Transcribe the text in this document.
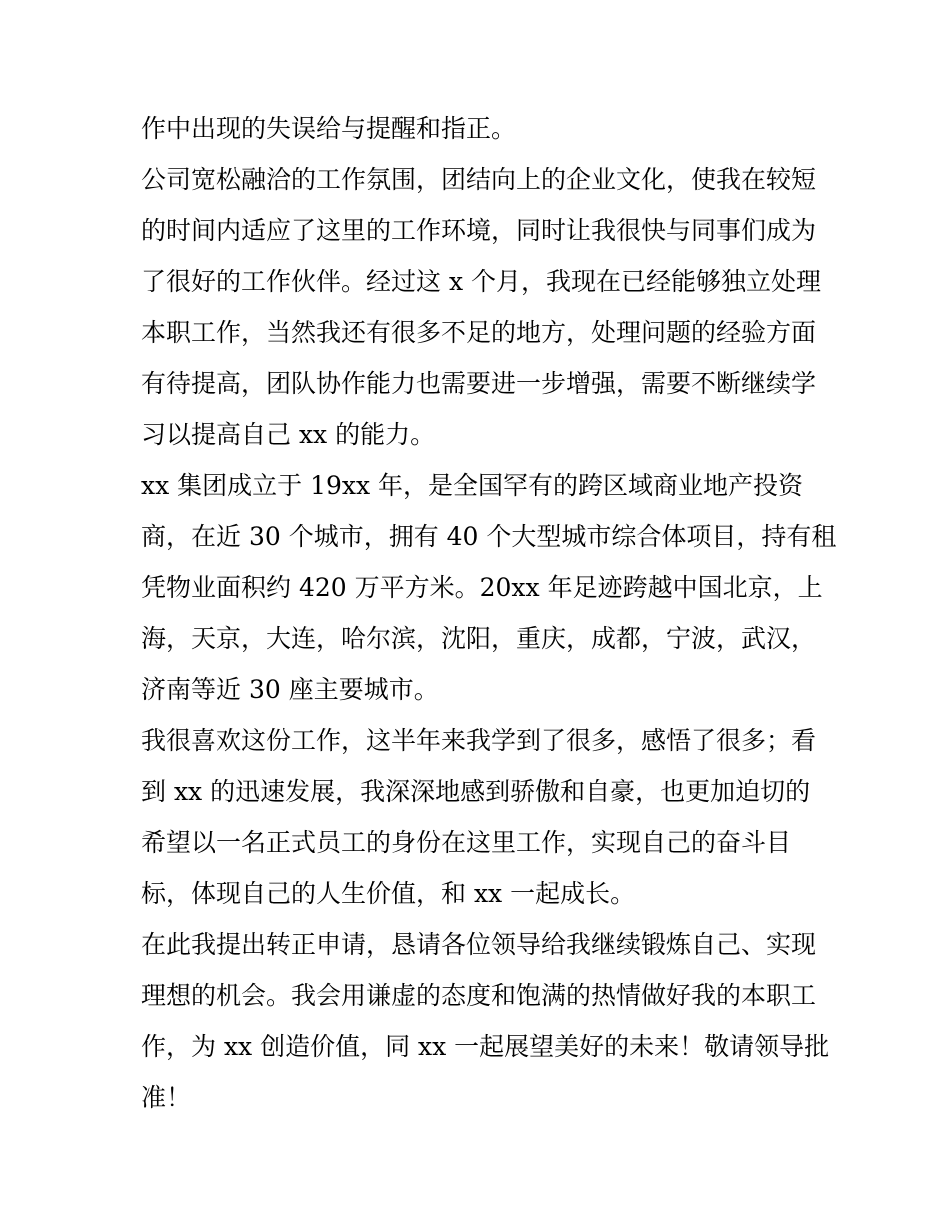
作中出现的失误给与提醒和指正。

公司宽松融洽的工作氛围，团结向上的企业文化，使我在较短

的时间内适应了这里的工作环境，同时让我很快与同事们成为

了很好的工作伙伴。经过这 x 个月，我现在已经能够独立处理

本职工作，当然我还有很多不足的地方，处理问题的经验方面

有待提高，团队协作能力也需要进一步增强，需要不断继续学

习以提高自己 xx 的能力。

xx 集团成立于 19xx 年，是全国罕有的跨区域商业地产投资

商，在近 30 个城市，拥有 40 个大型城市综合体项目，持有租

凭物业面积约 420 万平方米。20xx 年足迹跨越中国北京，上

海，天京，大连，哈尔滨，沈阳，重庆，成都，宁波，武汉，

济南等近 30 座主要城市。

我很喜欢这份工作，这半年来我学到了很多，感悟了很多；看

到 xx 的迅速发展，我深深地感到骄傲和自豪，也更加迫切的

希望以一名正式员工的身份在这里工作，实现自己的奋斗目

标，体现自己的人生价值，和 xx 一起成长。

在此我提出转正申请，恳请各位领导给我继续锻炼自己、实现

理想的机会。我会用谦虚的态度和饱满的热情做好我的本职工

作，为 xx 创造价值，同 xx 一起展望美好的未来！敬请领导批

准！
